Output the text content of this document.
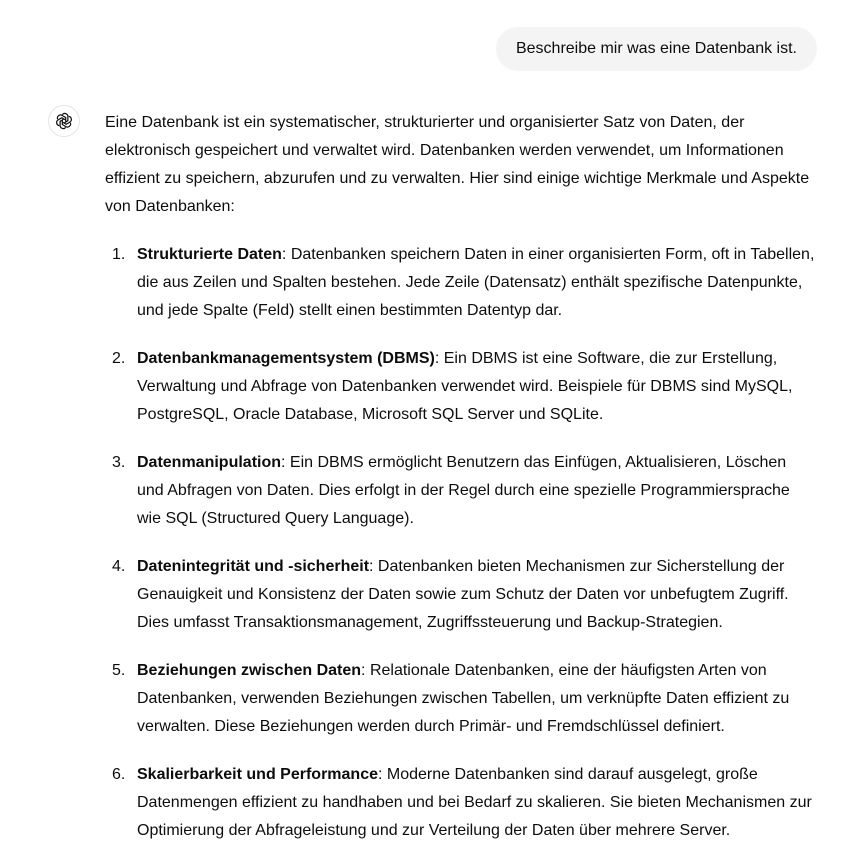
Beschreibe mir was eine Datenbank ist.

Eine Datenbank ist ein systematischer, strukturierter und organisierter Satz von Daten, der elektronisch gespeichert und verwaltet wird. Datenbanken werden verwendet, um Informationen effizient zu speichern, abzurufen und zu verwalten. Hier sind einige wichtige Merkmale und Aspekte von Datenbanken:

1. Strukturierte Daten: Datenbanken speichern Daten in einer organisierten Form, oft in Tabellen, die aus Zeilen und Spalten bestehen. Jede Zeile (Datensatz) enthält spezifische Datenpunkte, und jede Spalte (Feld) stellt einen bestimmten Datentyp dar.
2. Datenbankmanagementsystem (DBMS): Ein DBMS ist eine Software, die zur Erstellung, Verwaltung und Abfrage von Datenbanken verwendet wird. Beispiele für DBMS sind MySQL, PostgreSQL, Oracle Database, Microsoft SQL Server und SQLite.
3. Datenmanipulation: Ein DBMS ermöglicht Benutzern das Einfügen, Aktualisieren, Löschen und Abfragen von Daten. Dies erfolgt in der Regel durch eine spezielle Programmiersprache wie SQL (Structured Query Language).
4. Datenintegrität und -sicherheit: Datenbanken bieten Mechanismen zur Sicherstellung der Genauigkeit und Konsistenz der Daten sowie zum Schutz der Daten vor unbefugtem Zugriff. Dies umfasst Transaktionsmanagement, Zugriffssteuerung und Backup-Strategien.
5. Beziehungen zwischen Daten: Relationale Datenbanken, eine der häufigsten Arten von Datenbanken, verwenden Beziehungen zwischen Tabellen, um verknüpfte Daten effizient zu verwalten. Diese Beziehungen werden durch Primär- und Fremdschlüssel definiert.
6. Skalierbarkeit und Performance: Moderne Datenbanken sind darauf ausgelegt, große Datenmengen effizient zu handhaben und bei Bedarf zu skalieren. Sie bieten Mechanismen zur Optimierung der Abfrageleistung und zur Verteilung der Daten über mehrere Server.
